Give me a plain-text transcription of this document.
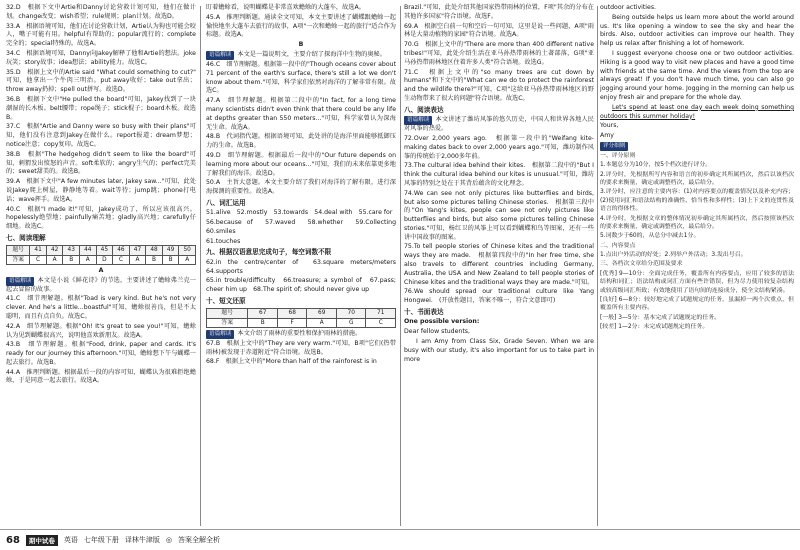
32.D　根据下文中Artie和Danny讨论营救计划可知，他们在做计划。change改变；wish希望；rule规则；plan计划。故选D。

33.A　根据语境可知，他们在讨论营救计划，Artie认为狗也可能会咬人，嘴子可能有用。helpful有帮助的；popular流行的；complete完全的；special特殊的。故选A。

34.C　根据语境可知，Danny向Jakey解释了他和Artie的想法。joke玩笑；story故事；idea想法；ability能力。故选C。

35.D　根据上文中的Artie said "What could something to cut?" 可知，他拿出一个牛肉三明治。put away收好；take out拿出；throw away扔掉；spell out拼写。故选D。

36.B　根据下文中"He pulled the board"可知，Jakey找到了一块潮湿的长木板。belt腰带；rope绳子；stick棍子；board木板。故选B。

37.C　根据"Artie and Danny were so busy with their plans"可知，他们没有注意到Jakey在做什么。report报道；dream梦想；notice注意；copy复印。故选C。

38.B　根据"The hedgehog didn't seem to like the board"可知，刺猬发出愤怒的声音。soft柔软的；angry生气的；perfect完美的；sweet甜美的。故选B。

39.A　根据下文中"A few minutes later, Jakey saw..."可知，此处说Jakey爬上树屋，静静地等着。wait等待；jump跳；phone打电话；wave挥手。故选A。

40.C　根据"I made it!"可知，Jakey成功了，所以应该很高兴。hopelessly绝望地；painfully痛苦地；gladly高兴地；carefully仔细地。故选C。

七、阅读理解
题号	41	42	43	44	45	46	47	48	49	50
答案	C	A	B	A	D	C	A	B	B	A
A

语篇解读 本文是小说《鲜花诗》的节选，主要讲述了蟾蜍弗兰克一起去冒险的故事。

41.C　细节理解题。根据"Toad is very kind. But he's not very clever. And he's a little...boastful"可知，蟾蜍很善良，但是不太聪明，而且有点自负。故选C。

42.A　细节理解题。根据"Oh! It's great to see you!"可知，蟾蜍认为见到蝴蝶很高兴，说明他喜欢新朋友。故选A。

43.B　细节理解题。根据"Food, drink, paper and cards. It's ready for our journey this afternoon."可知，蟾蜍想下午与蝴蝶一起去旅行。故选B。

44.A　推理判断题。根据最后一段的内容可知，蝴蝶认为很难拒绝蟾蜍，于是同意一起去旅行。故选A。

盯着蟾蜍看，说明蝴蝶是非常喜欢蟾蜍的大蓬车，故选A。

45.A　推理判断题。通读全文可知，本文主要讲述了蝴蝶跟蟾蜍一起愉快地坐大蓬车去旅行的故事，A项"一次和蟾蜍一起的旅行"适合作为标题。故选A。

B

语篇解读 本文是一篇说明文，主要介绍了探海洋中生物的奥秘。

46.C　细节理解题。根据第一段中的"Though oceans cover about 71 percent of the earth's surface, there's still a lot we don't know about them."可知，科学家们依然对海洋的了解非常有限。故选C。

47.A　细节理解题。根据第二段中的"In fact, for a long time many scientists didn't even think that there could be any life at depths greater than 550 meters..."可知，科学家曾认为深海无生命。故选A。

48.B　代词指代题。根据语境可知，此处讲的是海洋里面能够抵御压力的生命。故选B。

49.D　细节理解题。根据最后一段中的"Our future depends on learning more about our oceans..."可知，我们的未来依靠更多地了解我们的海洋。故选D。

50.A　主旨大意题。本文主要介绍了我们对海洋的了解有限，进行深海探测的重要性。故选A。

八、词汇运用

51.alive　52.mostly　53.towards　54.deal with　55.care for

56.because of　57.waved　58.whether　59.Collecting　60.smiles

61.touches

九、根据汉语意思完成句子，每空词数不限

62.in the centre/center of　63.square meters/meters　64.supports

65.in trouble/difficulty　66.treasure; a symbol of　67.pass; cheer him up　68.The spirit of; should never give up

十、短文还原
题号	67	68	69	70	71
答案	B	F	A	G	C

语篇解读 本文介绍了雨林的重要性和保护雨林的措施。

67.B　根据上文中的"They are very warm."可知，B项"它们(热带雨林)被发现于赤道附近"符合语境。故选B。

68.F　根据上文中的"More than half of the rainforest is in

Brazil."可知，此处介绍其他国家热带雨林的位置，F项"其余的分布在其他许多国家"符合语境。故选F。

69.A　根据空白前一句和空后一句可知，这里是说一些问题，A项"雨林是大量动植物的家园"符合语境。故选A。

70.G　根据上文中的"There are more than 400 different native tribes!"可知，此处介绍生活在亚马孙热带雨林的土著部落，G项"亚马孙热带雨林地区住着许多人类"符合语境。故选G。

71.C　根据上文中的"so many trees are cut down by humans"和下文中的"What can we do to protect the rainforest and the wildlife there?"可知，C项"这给亚马孙热带雨林地区的野生动物带来了很大的问题"符合语境。故选C。

八、阅读表达

语篇解读 本文讲述了潍坊风筝的悠久历史，中国人和世界各地人民对风筝的热爱。

72.Over 2,000 years ago.　根据第一段中的"Weifang kite-making dates back to over 2,000 years ago."可知，潍坊制作风筝的传统始于2,000多年前。

73.The cultural idea behind their kites.　根据第二段中的"But I think the cultural idea behind our kites is unusual."可知，潍坊风筝的特别之处在于其背后蕴含的文化理念。

74.We can see not only pictures like butterflies and birds, but also some pictures telling Chinese stories.　根据第三段中的"On Yang's kites, people can see not only pictures like butterflies and birds, but also some pictures telling Chinese stories."可知，杨红卫的风筝上可以看到蝴蝶和鸟等图案，还有一些讲中国故事的图案。

75.To tell people stories of Chinese kites and the traditional ways they are made.　根据第四段中的"In her free time, she also travels to different countries including Germany, Australia, the USA and New Zealand to tell people stories of Chinese kites and the traditional ways they are made."可知。

76.We should spread our traditional culture like Yang Hongwei.　(开放性题目，答案不唯一，符合文意即可)

十、书面表达

One possible version:

Dear fellow students,

I am Amy from Class Six, Grade Seven. When we are busy with our study, it's also important for us to take part in more

outdoor activities.

Being outside helps us learn more about the world around us. It's like opening a window to see the sky and hear the birds. Also, outdoor activities can improve our health. They help us relax after finishing a lot of homework.

I suggest everyone choose one or two outdoor activities. Hiking is a good way to visit new places and have a good time with friends at the same time. And the views from the top are always great! If you don't have much time, you can also go jogging around your home. Jogging in the morning can help us enjoy fresh air and prepare for the whole day.

Let's spend at least one day each week doing something outdoors this summer holiday!

Yours,

Amy

评分细则

一、评分原则

1.本题总分为10分，按5个档次进行评分。

2.评分时，先根据所写内容和语言的初步确定其所属档次，然后以该档次的要求来衡量，确定或调整档次，最后给分。

3.评分时，应注意的主要内容：(1)对内容要点的覆盖情况以及补充内容；(2)使用词汇和语法结构的准确性、恰当性和多样性；(3)上下文的连贯性及语言的得体性。

4.评分时，先根据文章的整体情况初步确定其所属档次，然后按照该档次的要求来衡量，确定或调整档次，最后给分。

5.词数少于60的，从总分中减去1分。

二、内容要点

1.点出户外活动的好处；2.列举户外活动；3.发出号召。

三、各档次文章给分范围及要求

[优秀] 9—10分：全面完成任务，覆盖所有内容要点，应用了较多的语法结构和词汇；语法结构或词汇方面有些许错误，但为尽力使用较复杂结构或较高级词汇所致；有效地使用了语句间的连接成分，使全文结构紧凑。

[良好] 6—8分：较好地完成了试题规定的任务，虽漏掉一两个次重点，但覆盖所有主要内容。

[一般] 3—5分：基本完成了试题规定的任务。

[较差] 1—2分：未完成试题规定的任务。

68	期中试卷	英语 七年级下册 译林牛津版 ◎ 答案全解全析
